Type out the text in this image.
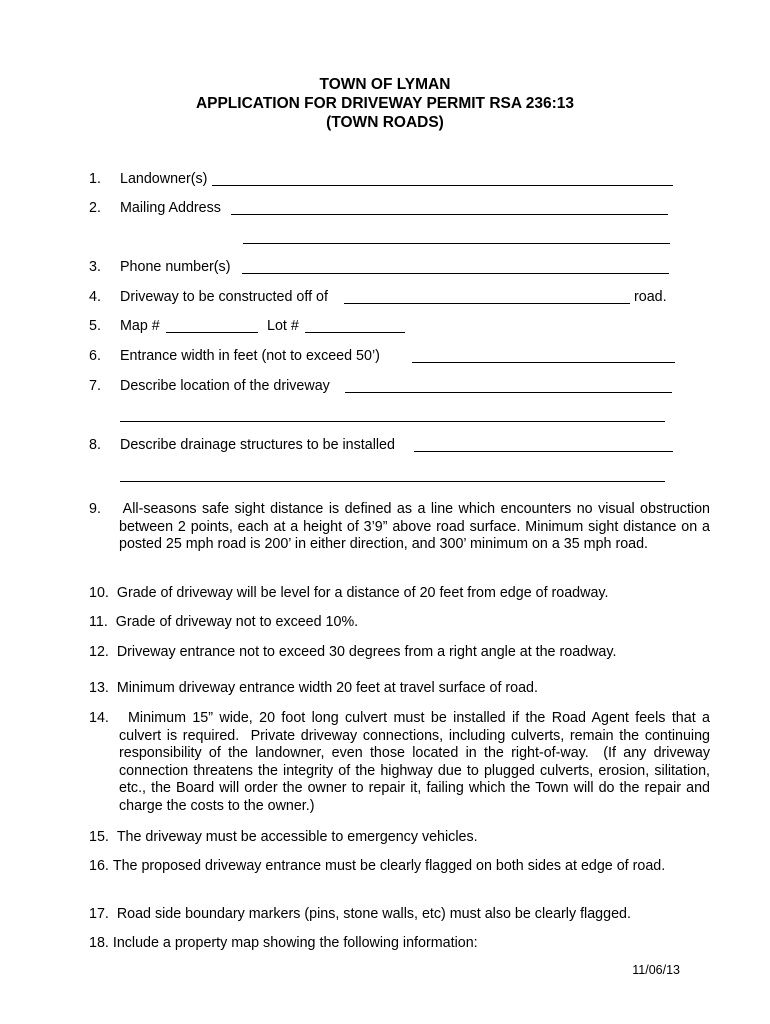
TOWN OF LYMAN
APPLICATION FOR DRIVEWAY PERMIT RSA 236:13
(TOWN ROADS)
1. Landowner(s)
2. Mailing Address
3. Phone number(s)
4. Driveway to be constructed off of	road.
5. Map #	Lot #
6. Entrance width in feet (not to exceed 50’)
7. Describe location of the driveway
8. Describe drainage structures to be installed
9.    All-seasons safe sight distance is defined as a line which encounters no visual obstruction between 2 points, each at a height of 3’9” above road surface. Minimum sight distance on a posted 25 mph road is 200’ in either direction, and 300’ minimum on a 35 mph road.
10.  Grade of driveway will be level for a distance of 20 feet from edge of roadway.
11.  Grade of driveway not to exceed 10%.
12.  Driveway entrance not to exceed 30 degrees from a right angle at the roadway.
13.  Minimum driveway entrance width 20 feet at travel surface of road.
14.   Minimum 15” wide, 20 foot long culvert must be installed if the Road Agent feels that a culvert is required.  Private driveway connections, including culverts, remain the continuing responsibility of the landowner, even those located in the right-of-way.  (If any driveway connection threatens the integrity of the highway due to plugged culverts, erosion, silitation, etc., the Board will order the owner to repair it, failing which the Town will do the repair and charge the costs to the owner.)
15.  The driveway must be accessible to emergency vehicles.
16. The proposed driveway entrance must be clearly flagged on both sides at edge of road.
17.  Road side boundary markers (pins, stone walls, etc) must also be clearly flagged.
18. Include a property map showing the following information:
11/06/13
